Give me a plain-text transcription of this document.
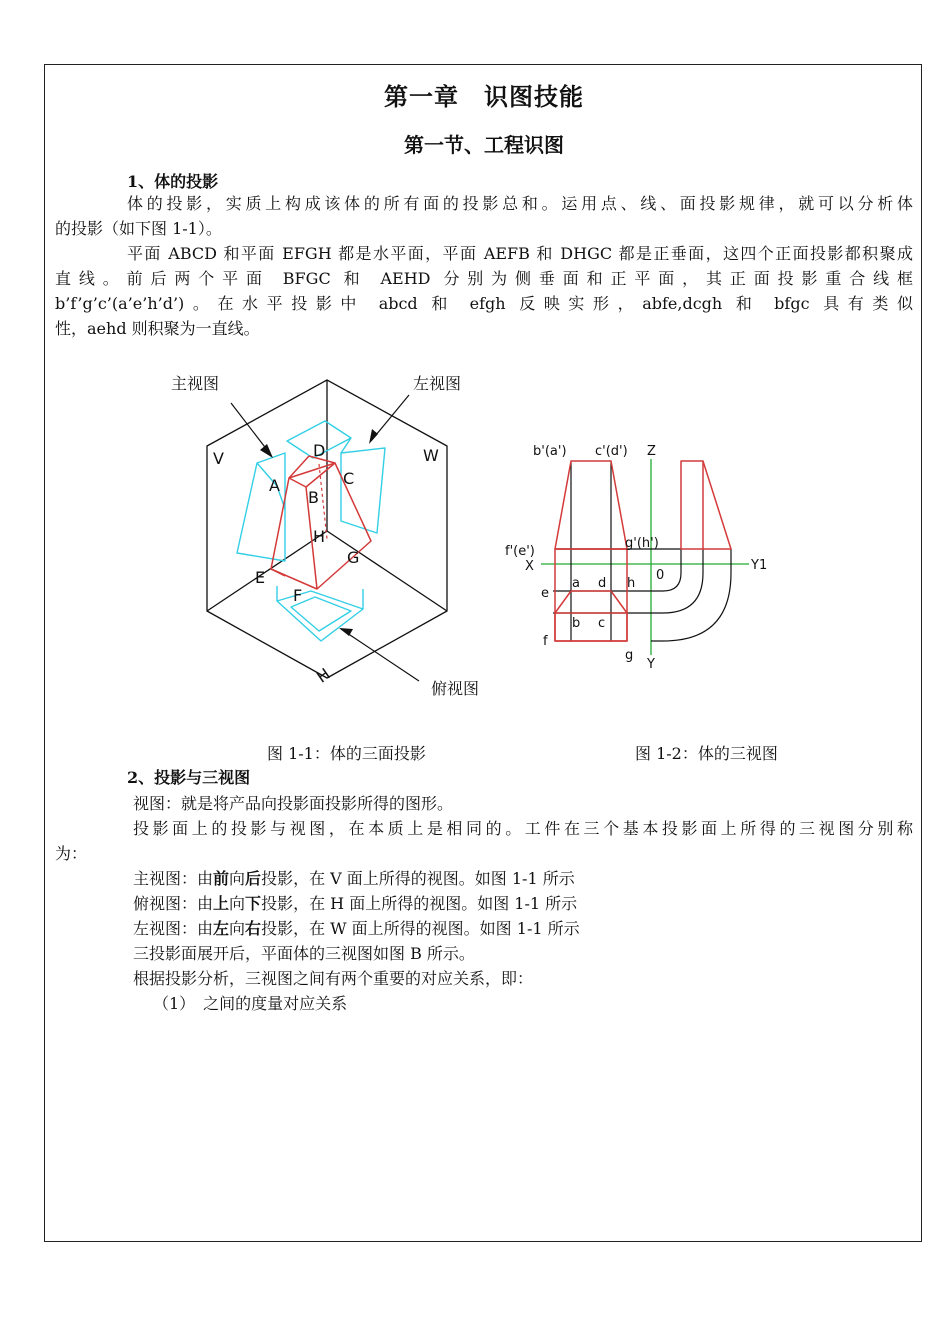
第一章　识图技能
第一节、工程识图
1、体的投影
体的投影，实质上构成该体的所有面的投影总和。运用点、线、面投影规律，就可以分析体
的投影（如下图 1-1）。
平面 ABCD 和平面 EFGH 都是水平面，平面 AEFB 和 DHGC 都是正垂面，这四个正面投影都积聚成
直线。前后两个平面 BFGC 和 AEHD 分别为侧垂面和正平面，其正面投影重合线框
b’f’g’c’(a’e’h’d’)。在水平投影中 abcd 和 efgh 反映实形，abfe,dcgh 和 bfgc 具有类似
性，aehd 则积聚为一直线。
主视图	左视图
俯视图
V	W
H
A
B
C
D
E
F
G
H
b'(a') c'(d') Z
f'(e')
g'(h')
X	Y1
a d h
0
e
b c
f
g
Y
图 1-1：体的三面投影	图 1-2：体的三视图
2、投影与三视图
视图：就是将产品向投影面投影所得的图形。
投影面上的投影与视图，在本质上是相同的。工件在三个基本投影面上所得的三视图分别称
为：
主视图：由前向后投影，在 V 面上所得的视图。如图 1-1 所示
俯视图：由上向下投影，在 H 面上所得的视图。如图 1-1 所示
左视图：由左向右投影，在 W 面上所得的视图。如图 1-1 所示
三投影面展开后，平面体的三视图如图 B 所示。
根据投影分析，三视图之间有两个重要的对应关系，即：
（1）　之间的度量对应关系
